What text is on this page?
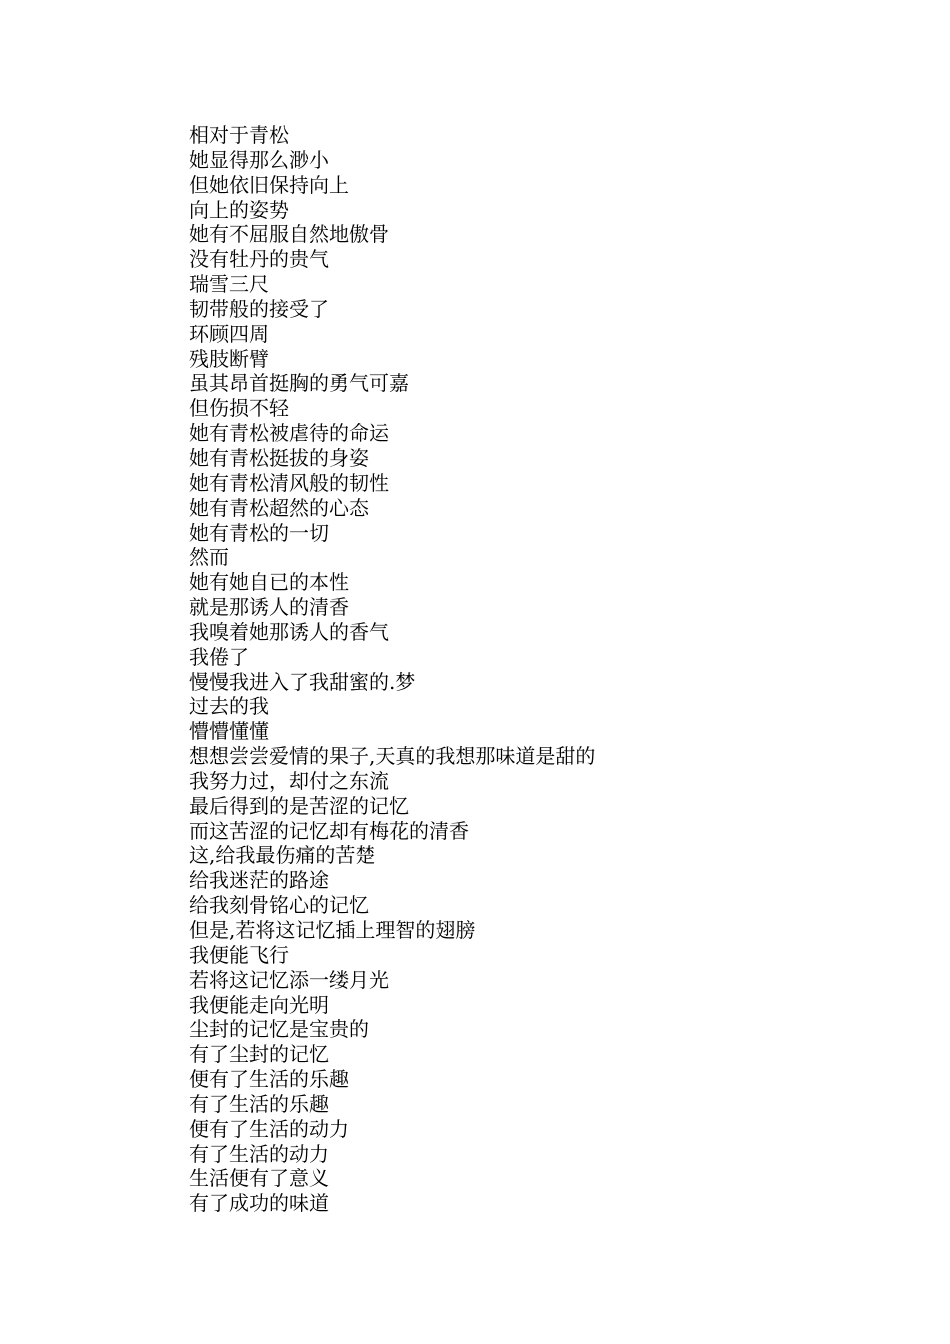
相对于青松
她显得那么渺小
但她依旧保持向上
向上的姿势
她有不屈服自然地傲骨
没有牡丹的贵气
瑞雪三尺
韧带般的接受了
环顾四周
残肢断臂
虽其昂首挺胸的勇气可嘉
但伤损不轻
她有青松被虐待的命运
她有青松挺拔的身姿
她有青松清风般的韧性
她有青松超然的心态
她有青松的一切
然而
她有她自已的本性
就是那诱人的清香
我嗅着她那诱人的香气
我倦了
慢慢我进入了我甜蜜的.梦
过去的我
懵懵懂懂
想想尝尝爱情的果子,天真的我想那味道是甜的
我努力过，却付之东流
最后得到的是苦涩的记忆
而这苦涩的记忆却有梅花的清香
这,给我最伤痛的苦楚
给我迷茫的路途
给我刻骨铭心的记忆
但是,若将这记忆插上理智的翅膀
我便能飞行
若将这记忆添一缕月光
我便能走向光明
尘封的记忆是宝贵的
有了尘封的记忆
便有了生活的乐趣
有了生活的乐趣
便有了生活的动力
有了生活的动力
生活便有了意义
有了成功的味道
